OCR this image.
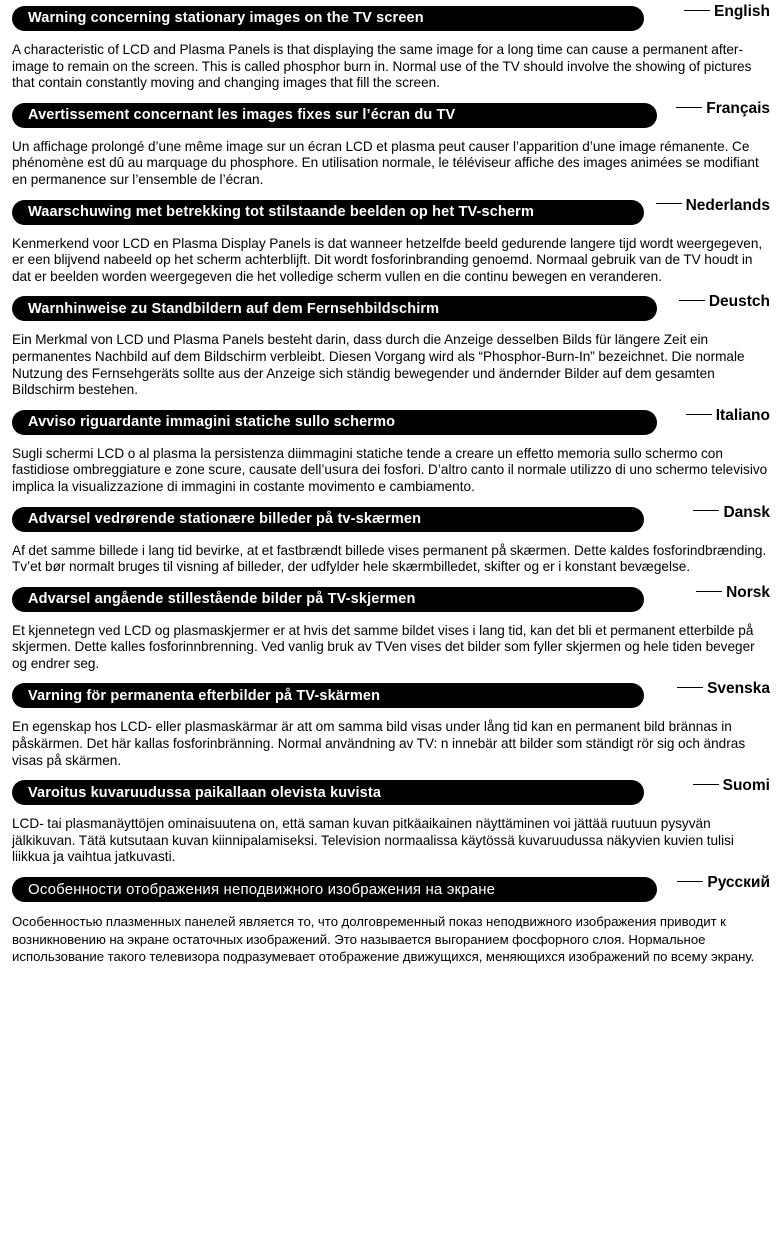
Warning concerning stationary images on the TV screen	English

A characteristic of LCD and Plasma Panels is that displaying the same image for a long time can cause a permanent after-image to remain on the screen. This is called phosphor burn in. Normal use of the TV should involve the showing of pictures that contain constantly moving and changing images that fill the screen.

Avertissement concernant les images fixes sur l’écran du TV	Français

Un affichage prolongé d’une même image sur un écran LCD et plasma peut causer l’apparition d’une image rémanente. Ce phénomène est dû au marquage du phosphore. En utilisation normale, le téléviseur affiche des images animées se modifiant en permanence sur l’ensemble de l’écran.

Waarschuwing met betrekking tot stilstaande beelden op het TV-scherm	Nederlands

Kenmerkend voor LCD en Plasma Display Panels is dat wanneer hetzelfde beeld gedurende langere tijd wordt weergegeven, er een blijvend nabeeld op het scherm achterblijft. Dit wordt fosforinbranding genoemd. Normaal gebruik van de TV houdt in dat er beelden worden weergegeven die het volledige scherm vullen en die continu bewegen en veranderen.

Warnhinweise zu Standbildern auf dem Fernsehbildschirm	Deustch

Ein Merkmal von LCD und Plasma Panels besteht darin, dass durch die Anzeige desselben Bilds für längere Zeit ein permanentes Nachbild auf dem Bildschirm verbleibt. Diesen Vorgang wird als “Phosphor-Burn-In” bezeichnet. Die normale Nutzung des Fernsehgeräts sollte aus der Anzeige sich ständig bewegender und ändernder Bilder auf dem gesamten Bildschirm bestehen.

Avviso riguardante immagini statiche sullo schermo	Italiano

Sugli schermi LCD o al plasma la persistenza diimmagini statiche tende a creare un effetto memoria sullo schermo con fastidiose ombreggiature e zone scure, causate dell’usura dei fosfori. D’altro canto il normale utilizzo di uno schermo televisivo implica la visualizzazione di immagini in costante movimento e cambiamento.

Advarsel vedrørende stationære billeder på tv-skærmen	Dansk

Af det samme billede i lang tid bevirke, at et fastbrændt billede vises permanent på skærmen. Dette kaldes fosforindbrænding. Tv’et bør normalt bruges til visning af billeder, der udfylder hele skærmbilledet, skifter og er i konstant bevægelse.

Advarsel angående stillestående bilder på TV-skjermen	Norsk

Et kjennetegn ved LCD og plasmaskjermer er at hvis det samme bildet vises i lang tid, kan det bli et permanent etterbilde på skjermen. Dette kalles fosforinnbrenning. Ved vanlig bruk av TVen vises det bilder som fyller skjermen og hele tiden beveger og endrer seg.

Varning för permanenta efterbilder på TV-skärmen	Svenska

En egenskap hos LCD- eller plasmaskärmar är att om samma bild visas under lång tid kan en permanent bild brännas in påskärmen. Det här kallas fosforinbränning. Normal användning av TV: n innebär att bilder som ständigt rör sig och ändras visas på skärmen.

Varoitus kuvaruudussa paikallaan olevista kuvista	Suomi

LCD- tai plasmanäyttöjen ominaisuutena on, että saman kuvan pitkäaikainen näyttäminen voi jättää ruutuun pysyvän jälkikuvan. Tätä kutsutaan kuvan kiinnipalamiseksi. Television normaalissa käytössä kuvaruudussa näkyvien kuvien tulisi liikkua ja vaihtua jatkuvasti.

Особенности отображения неподвижного изображения на экране	Русский

Особенностью плазменных панелей является то, что долговременный показ неподвижного изображения приводит к возникновению на экране остаточных изображений. Это называется выгоранием фосфорного слоя. Нормальное использование такого телевизора подразумевает отображение движущихся, меняющихся изображений по всему экрану.
